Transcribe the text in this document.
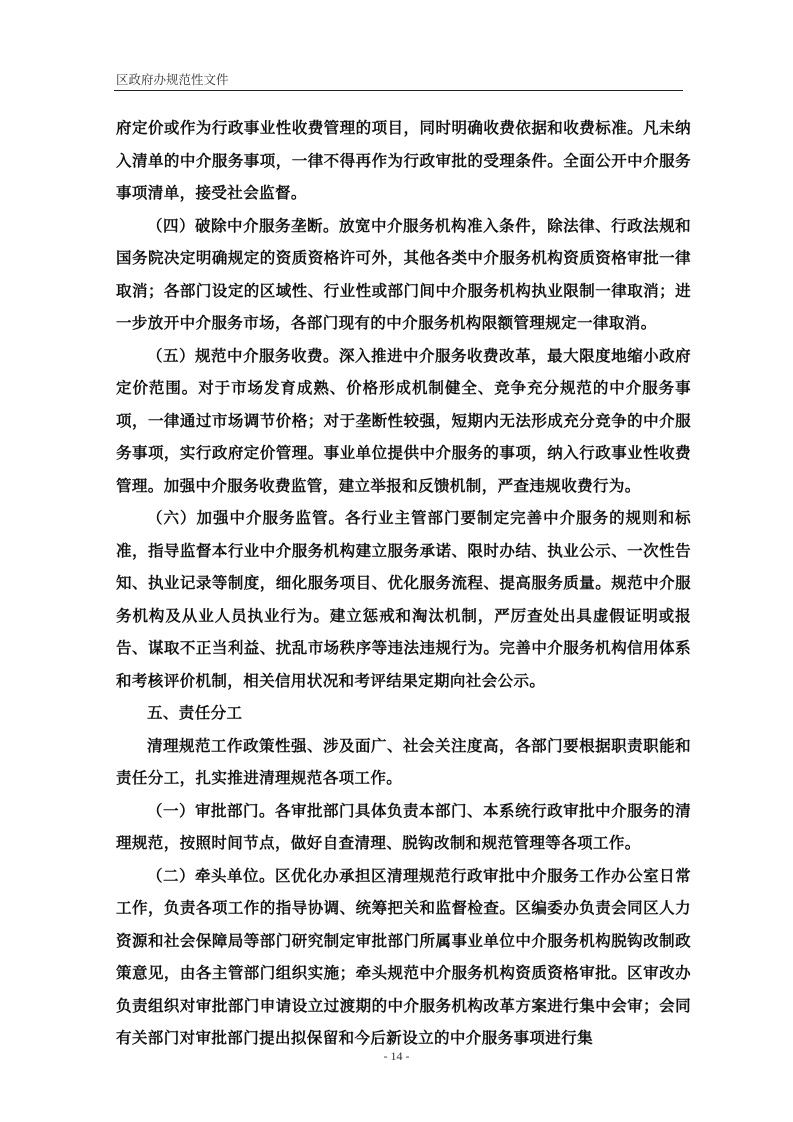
区政府办规范性文件

府定价或作为行政事业性收费管理的项目，同时明确收费依据和收费标准。凡未纳入清单的中介服务事项，一律不得再作为行政审批的受理条件。全面公开中介服务事项清单，接受社会监督。

（四）破除中介服务垄断。放宽中介服务机构准入条件，除法律、行政法规和国务院决定明确规定的资质资格许可外，其他各类中介服务机构资质资格审批一律取消；各部门设定的区域性、行业性或部门间中介服务机构执业限制一律取消；进一步放开中介服务市场，各部门现有的中介服务机构限额管理规定一律取消。

（五）规范中介服务收费。深入推进中介服务收费改革，最大限度地缩小政府定价范围。对于市场发育成熟、价格形成机制健全、竞争充分规范的中介服务事项，一律通过市场调节价格；对于垄断性较强，短期内无法形成充分竞争的中介服务事项，实行政府定价管理。事业单位提供中介服务的事项，纳入行政事业性收费管理。加强中介服务收费监管，建立举报和反馈机制，严查违规收费行为。

（六）加强中介服务监管。各行业主管部门要制定完善中介服务的规则和标准，指导监督本行业中介服务机构建立服务承诺、限时办结、执业公示、一次性告知、执业记录等制度，细化服务项目、优化服务流程、提高服务质量。规范中介服务机构及从业人员执业行为。建立惩戒和淘汰机制，严厉查处出具虚假证明或报告、谋取不正当利益、扰乱市场秩序等违法违规行为。完善中介服务机构信用体系和考核评价机制，相关信用状况和考评结果定期向社会公示。

五、责任分工

清理规范工作政策性强、涉及面广、社会关注度高，各部门要根据职责职能和责任分工，扎实推进清理规范各项工作。

（一）审批部门。各审批部门具体负责本部门、本系统行政审批中介服务的清理规范，按照时间节点，做好自查清理、脱钩改制和规范管理等各项工作。

（二）牵头单位。区优化办承担区清理规范行政审批中介服务工作办公室日常工作，负责各项工作的指导协调、统筹把关和监督检查。区编委办负责会同区人力资源和社会保障局等部门研究制定审批部门所属事业单位中介服务机构脱钩改制政策意见，由各主管部门组织实施；牵头规范中介服务机构资质资格审批。区审改办负责组织对审批部门申请设立过渡期的中介服务机构改革方案进行集中会审；会同有关部门对审批部门提出拟保留和今后新设立的中介服务事项进行集

- 14 -
